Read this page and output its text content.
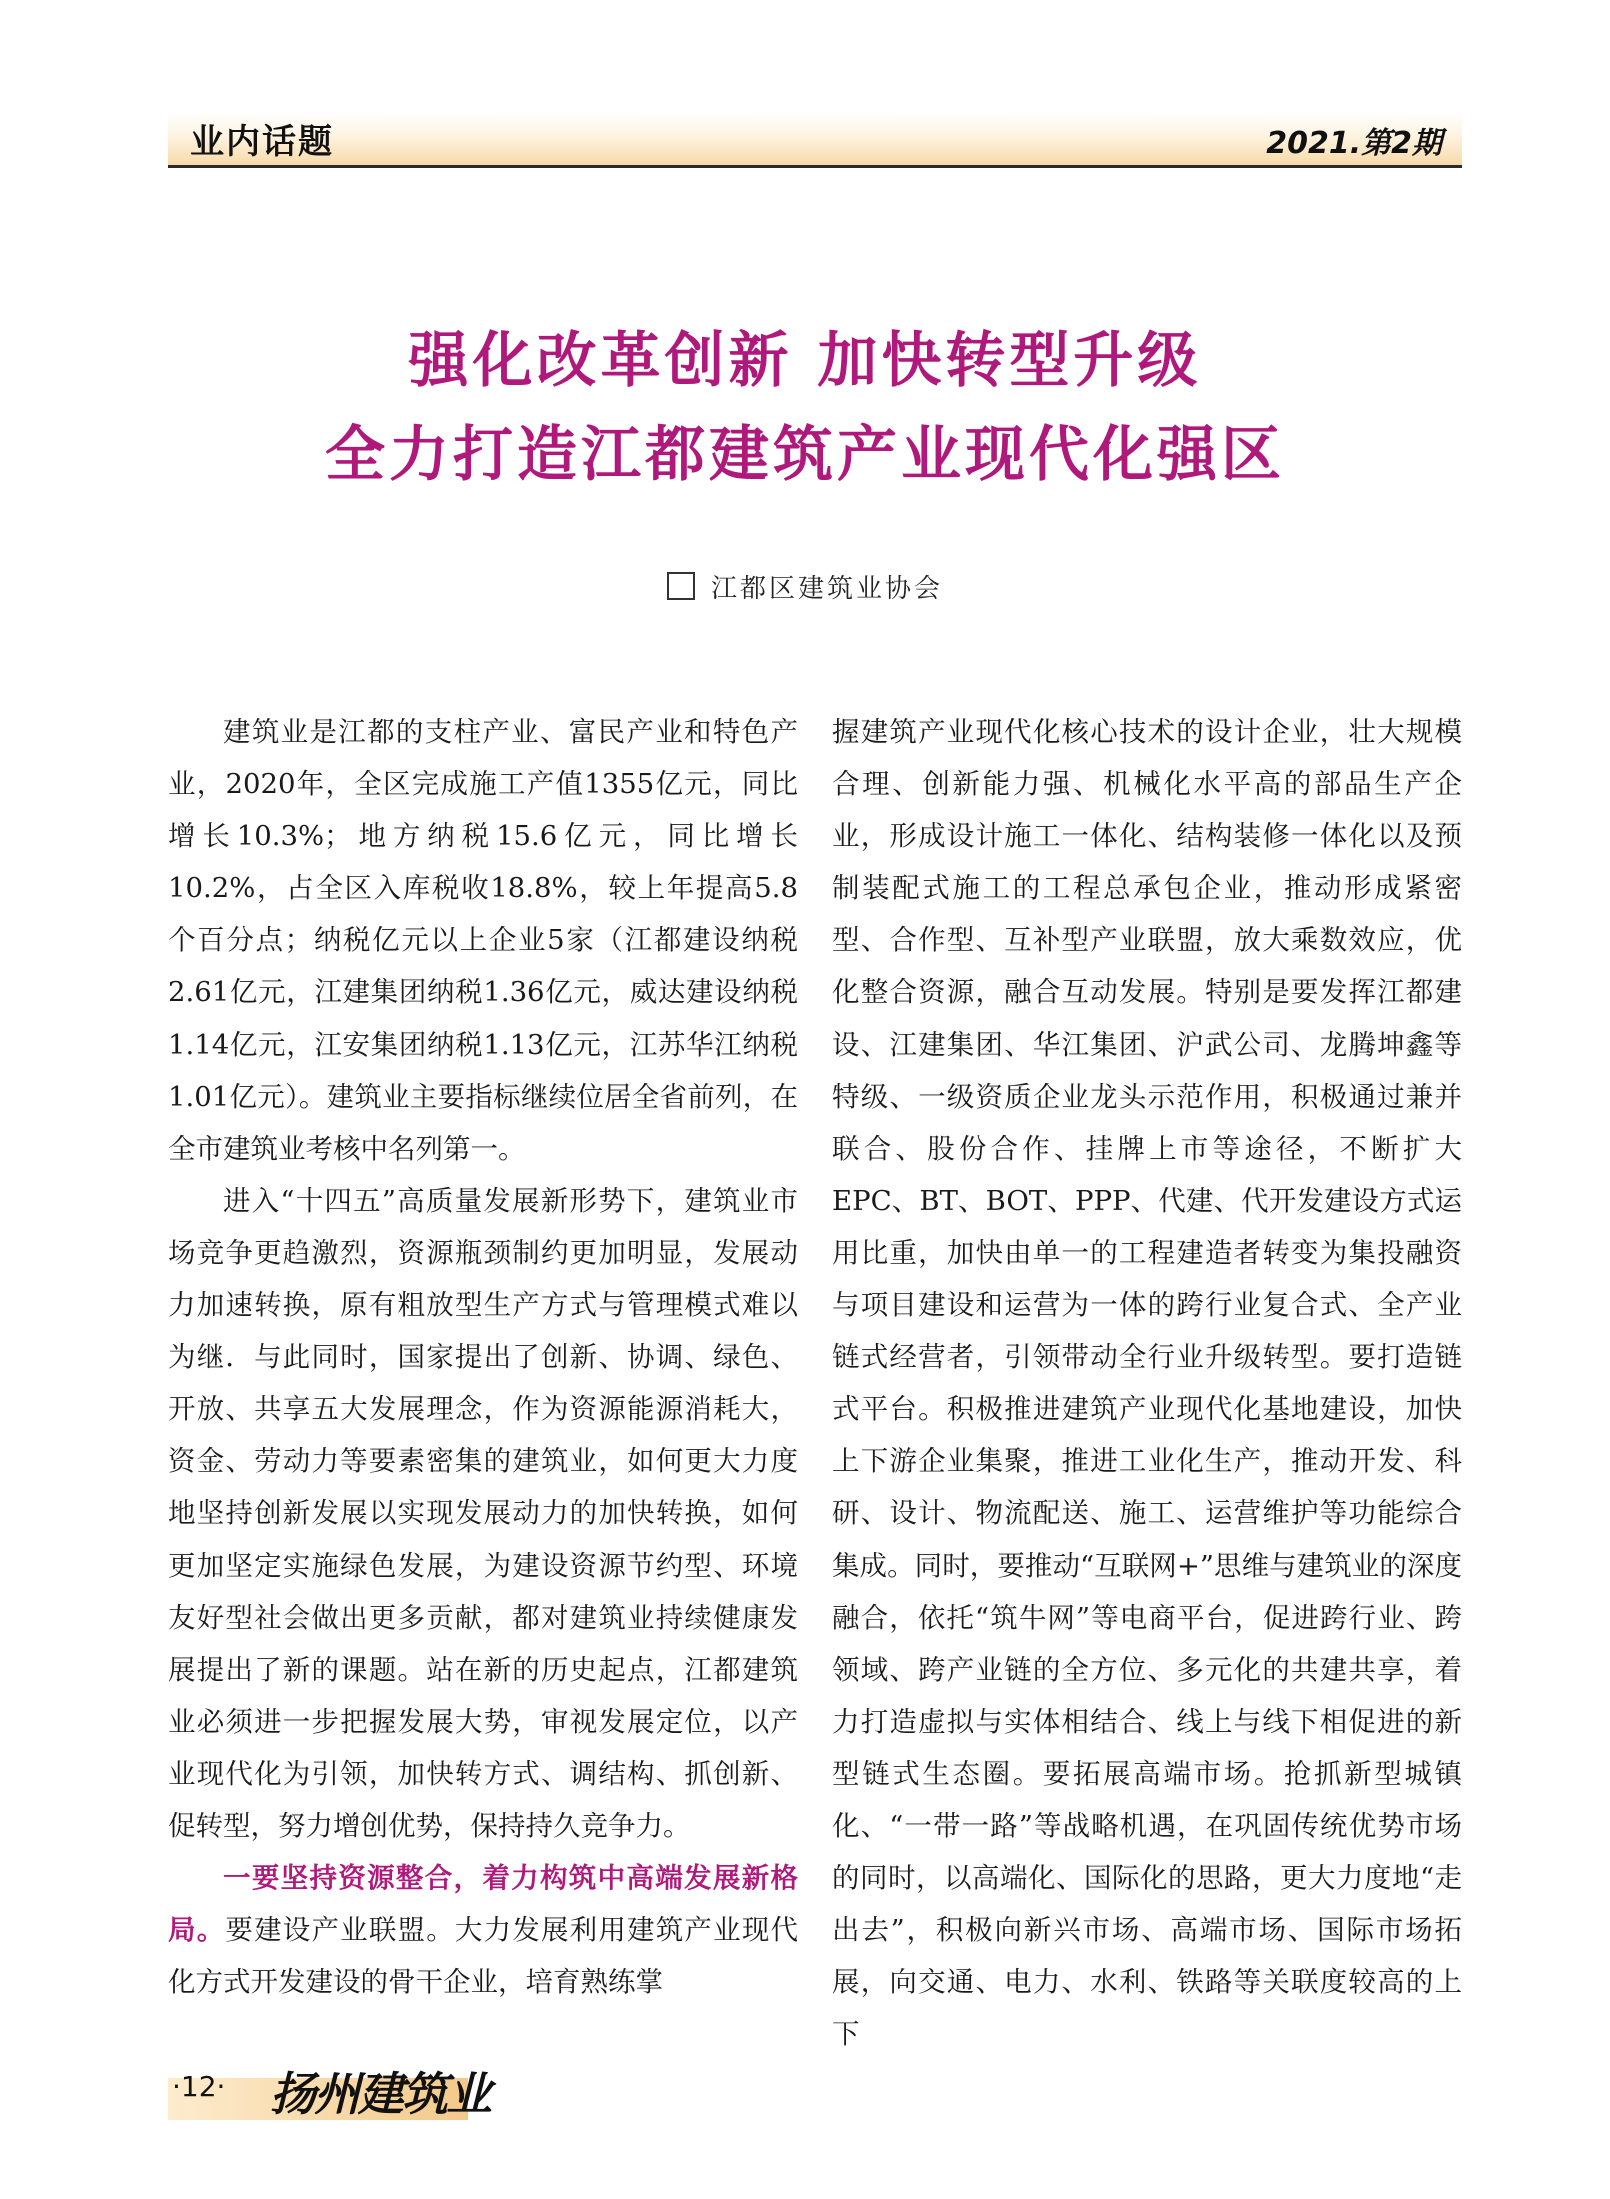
业内话题	2021.第2期
强化改革创新 加快转型升级
全力打造江都建筑产业现代化强区
江都区建筑业协会

建筑业是江都的支柱产业、富民产业和特色产业，2020年，全区完成施工产值1355亿元，同比增长10.3%；地方纳税15.6亿元，同比增长10.2%，占全区入库税收18.8%，较上年提高5.8个百分点；纳税亿元以上企业5家（江都建设纳税2.61亿元，江建集团纳税1.36亿元，威达建设纳税1.14亿元，江安集团纳税1.13亿元，江苏华江纳税1.01亿元）。建筑业主要指标继续位居全省前列，在全市建筑业考核中名列第一。

进入“十四五”高质量发展新形势下，建筑业市场竞争更趋激烈，资源瓶颈制约更加明显，发展动力加速转换，原有粗放型生产方式与管理模式难以为继．与此同时，国家提出了创新、协调、绿色、开放、共享五大发展理念，作为资源能源消耗大，资金、劳动力等要素密集的建筑业，如何更大力度地坚持创新发展以实现发展动力的加快转换，如何更加坚定实施绿色发展，为建设资源节约型、环境友好型社会做出更多贡献，都对建筑业持续健康发展提出了新的课题。站在新的历史起点，江都建筑业必须进一步把握发展大势，审视发展定位，以产业现代化为引领，加快转方式、调结构、抓创新、促转型，努力增创优势，保持持久竞争力。

一要坚持资源整合，着力构筑中高端发展新格局。要建设产业联盟。大力发展利用建筑产业现代化方式开发建设的骨干企业，培育熟练掌

握建筑产业现代化核心技术的设计企业，壮大规模合理、创新能力强、机械化水平高的部品生产企业，形成设计施工一体化、结构装修一体化以及预制装配式施工的工程总承包企业，推动形成紧密型、合作型、互补型产业联盟，放大乘数效应，优化整合资源，融合互动发展。特别是要发挥江都建设、江建集团、华江集团、沪武公司、龙腾坤鑫等特级、一级资质企业龙头示范作用，积极通过兼并联合、股份合作、挂牌上市等途径，不断扩大EPC、BT、BOT、PPP、代建、代开发建设方式运用比重，加快由单一的工程建造者转变为集投融资与项目建设和运营为一体的跨行业复合式、全产业链式经营者，引领带动全行业升级转型。要打造链式平台。积极推进建筑产业现代化基地建设，加快上下游企业集聚，推进工业化生产，推动开发、科研、设计、物流配送、施工、运营维护等功能综合集成。同时，要推动“互联网+”思维与建筑业的深度融合，依托“筑牛网”等电商平台，促进跨行业、跨领域、跨产业链的全方位、多元化的共建共享，着力打造虚拟与实体相结合、线上与线下相促进的新型链式生态圈。要拓展高端市场。抢抓新型城镇化、“一带一路”等战略机遇，在巩固传统优势市场的同时，以高端化、国际化的思路，更大力度地“走出去”，积极向新兴市场、高端市场、国际市场拓展，向交通、电力、水利、铁路等关联度较高的上下

·12· 扬州建筑业
